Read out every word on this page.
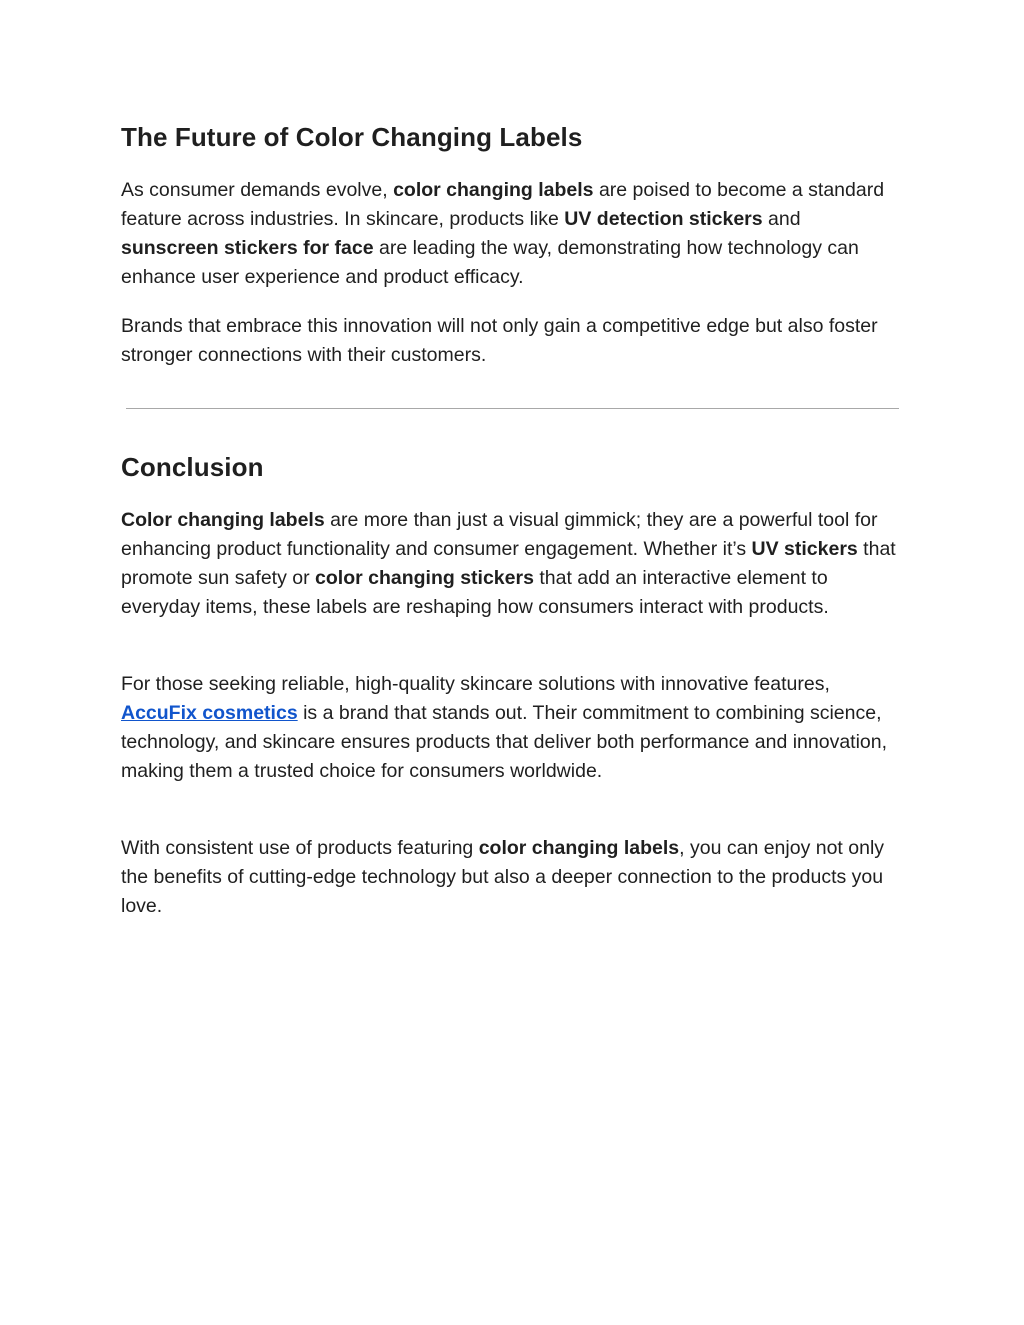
The Future of Color Changing Labels

As consumer demands evolve, color changing labels are poised to become a standard feature across industries. In skincare, products like UV detection stickers and sunscreen stickers for face are leading the way, demonstrating how technology can enhance user experience and product efficacy.

Brands that embrace this innovation will not only gain a competitive edge but also foster stronger connections with their customers.

Conclusion

Color changing labels are more than just a visual gimmick; they are a powerful tool for enhancing product functionality and consumer engagement. Whether it’s UV stickers that promote sun safety or color changing stickers that add an interactive element to everyday items, these labels are reshaping how consumers interact with products.

For those seeking reliable, high-quality skincare solutions with innovative features, AccuFix cosmetics is a brand that stands out. Their commitment to combining science, technology, and skincare ensures products that deliver both performance and innovation, making them a trusted choice for consumers worldwide.

With consistent use of products featuring color changing labels, you can enjoy not only the benefits of cutting-edge technology but also a deeper connection to the products you love.
